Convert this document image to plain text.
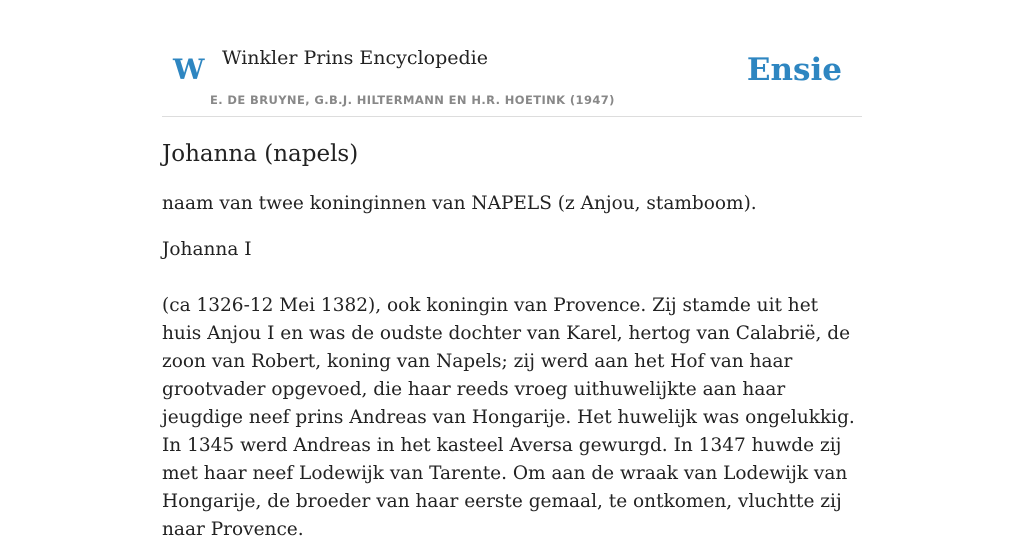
W Winkler Prins Encyclopedie
E. DE BRUYNE, G.B.J. HILTERMANN EN H.R. HOETINK (1947)
Ensie
Johanna (napels)

naam van twee koninginnen van NAPELS (z Anjou, stamboom).

Johanna I

(ca 1326-12 Mei 1382), ook koningin van Provence. Zij stamde uit het huis Anjou I en was de oudste dochter van Karel, hertog van Calabrië, de zoon van Robert, koning van Napels; zij werd aan het Hof van haar grootvader opgevoed, die haar reeds vroeg uithuwelijkte aan haar jeugdige neef prins Andreas van Hongarije. Het huwelijk was ongelukkig. In 1345 werd Andreas in het kasteel Aversa gewurgd. In 1347 huwde zij met haar neef Lodewijk van Tarente. Om aan de wraak van Lodewijk van Hongarije, de broeder van haar eerste gemaal, te ontkomen, vluchtte zij naar Provence.
